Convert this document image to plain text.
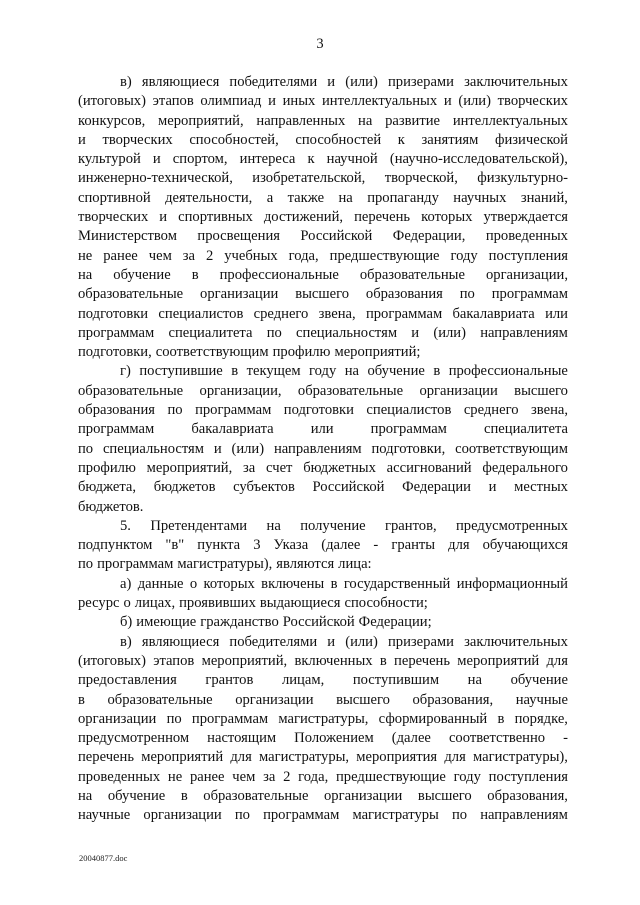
3
в) являющиеся победителями и (или) призерами заключительных
(итоговых) этапов олимпиад и иных интеллектуальных и (или) творческих
конкурсов, мероприятий, направленных на развитие интеллектуальных
и творческих способностей, способностей к занятиям физической
культурой и спортом, интереса к научной (научно-исследовательской),
инженерно-технической, изобретательской, творческой, физкультурно-
спортивной деятельности, а также на пропаганду научных знаний,
творческих и спортивных достижений, перечень которых утверждается
Министерством просвещения Российской Федерации, проведенных
не ранее чем за 2 учебных года, предшествующие году поступления
на обучение в профессиональные образовательные организации,
образовательные организации высшего образования по программам
подготовки специалистов среднего звена, программам бакалавриата или
программам специалитета по специальностям и (или) направлениям
подготовки, соответствующим профилю мероприятий;
г) поступившие в текущем году на обучение в профессиональные
образовательные организации, образовательные организации высшего
образования по программам подготовки специалистов среднего звена,
программам	бакалавриата	или	программам	специалитета
по специальностям и (или) направлениям подготовки, соответствующим
профилю мероприятий, за счет бюджетных ассигнований федерального
бюджета, бюджетов субъектов Российской Федерации и местных
бюджетов.
5. Претендентами на получение грантов, предусмотренных
подпунктом "в" пункта 3 Указа (далее - гранты для обучающихся
по программам магистратуры), являются лица:
а) данные о которых включены в государственный информационный
ресурс о лицах, проявивших выдающиеся способности;
б) имеющие гражданство Российской Федерации;
в) являющиеся победителями и (или) призерами заключительных
(итоговых) этапов мероприятий, включенных в перечень мероприятий для
предоставления грантов лицам, поступившим на обучение
в образовательные организации высшего образования, научные
организации по программам магистратуры, сформированный в порядке,
предусмотренном настоящим Положением (далее соответственно -
перечень мероприятий для магистратуры, мероприятия для магистратуры),
проведенных не ранее чем за 2 года, предшествующие году поступления
на обучение в образовательные организации высшего образования,
научные организации по программам магистратуры по направлениям
20040877.doc
